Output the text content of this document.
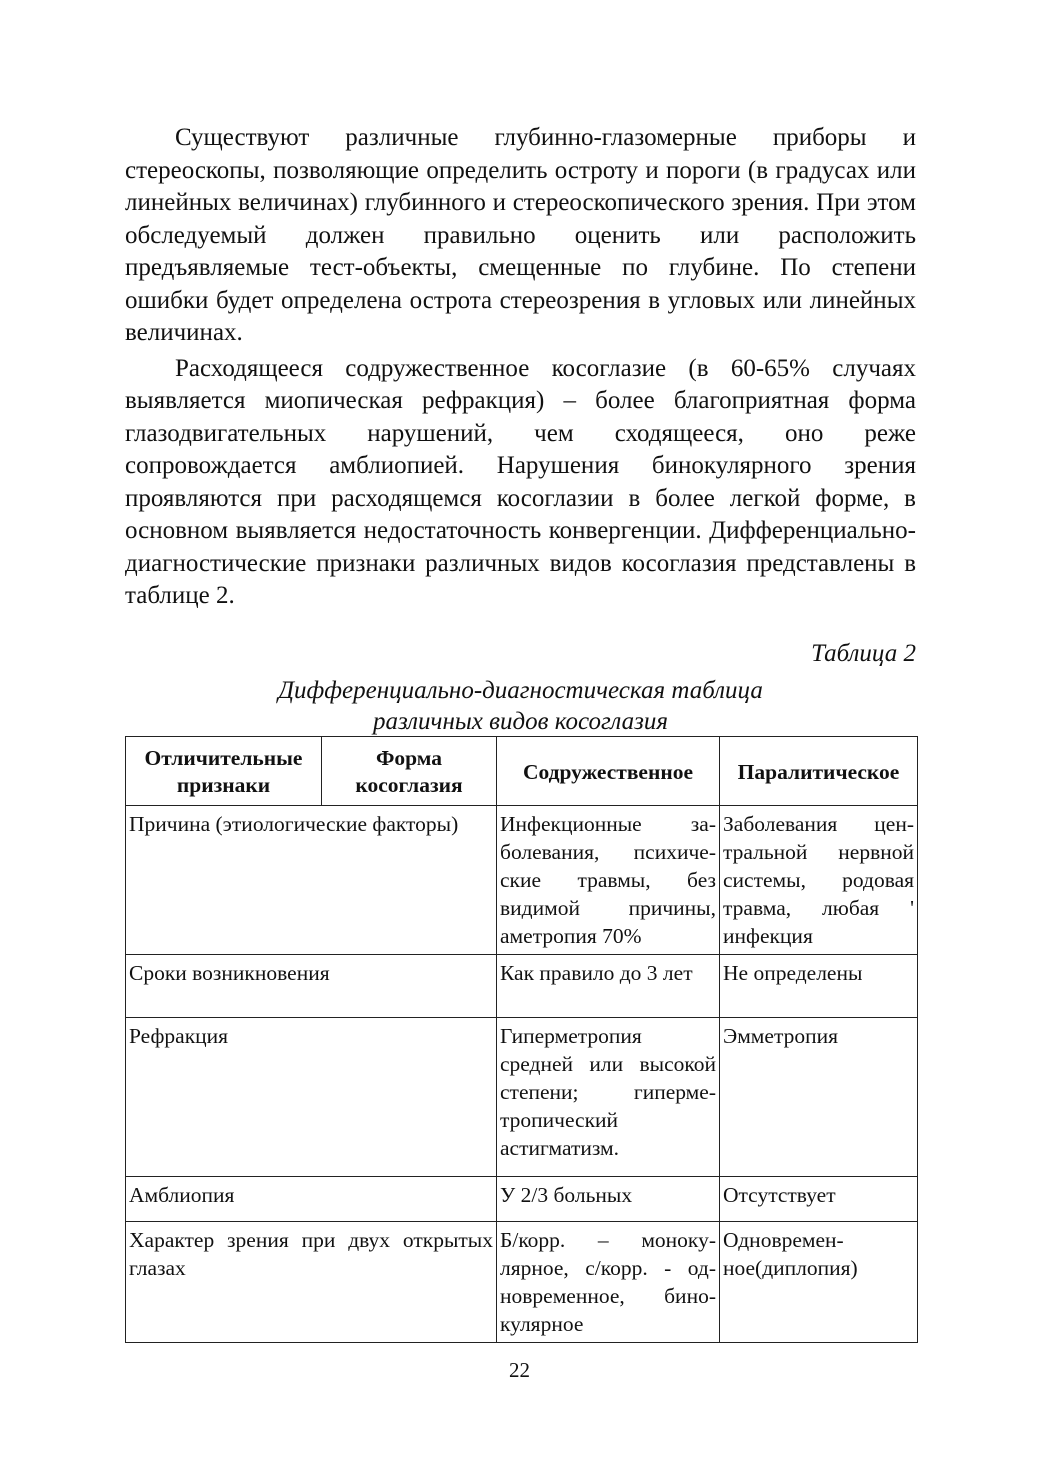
Существуют различные глубинно-глазомерные приборы и стереоскопы, позволяющие определить остроту и пороги (в градусах или линейных величинах) глубинного и стереоскопического зрения. При этом обследуемый должен правильно оценить или расположить предъявляемые тест-объекты, смещенные по глубине. По степени ошибки будет определена острота стереозрения в угловых или линейных величинах.

Расходящееся содружественное косоглазие (в 60-65% случаях выявляется миопическая рефракция) – более благоприятная форма глазодвигательных нарушений, чем сходящееся, оно реже сопровождается амблиопией. Нарушения бинокулярного зрения проявляются при расходящемся косоглазии в более легкой форме, в основном выявляется недостаточность конвергенции. Дифференциально-диагностические признаки различных видов косоглазия представлены в таблице 2.

Таблица 2
Дифференциально-диагностическая таблица
различных видов косоглазия
Отличительные признаки	Форма косоглазия	Содружественное	Паралитическое
Причина (этиологические факторы)		Инфекционные заболевания, психические травмы, без видимой причины, аметропия 70%	Заболевания центральной нервной системы, родовая травма, любая ' инфекция
Сроки возникновения		Как правило до 3 лет	Не определены
Рефракция		Гиперметропия средней или высокой степени; гиперме-тропический астигматизм.	Эмметропия
Амблиопия		У 2/3 больных	Отсутствует
Характер зрения при двух открытых глазах		Б/корр. – монокулярное, с/корр. - одновременное, бинокулярное	Одновременное(диплопия)
22
